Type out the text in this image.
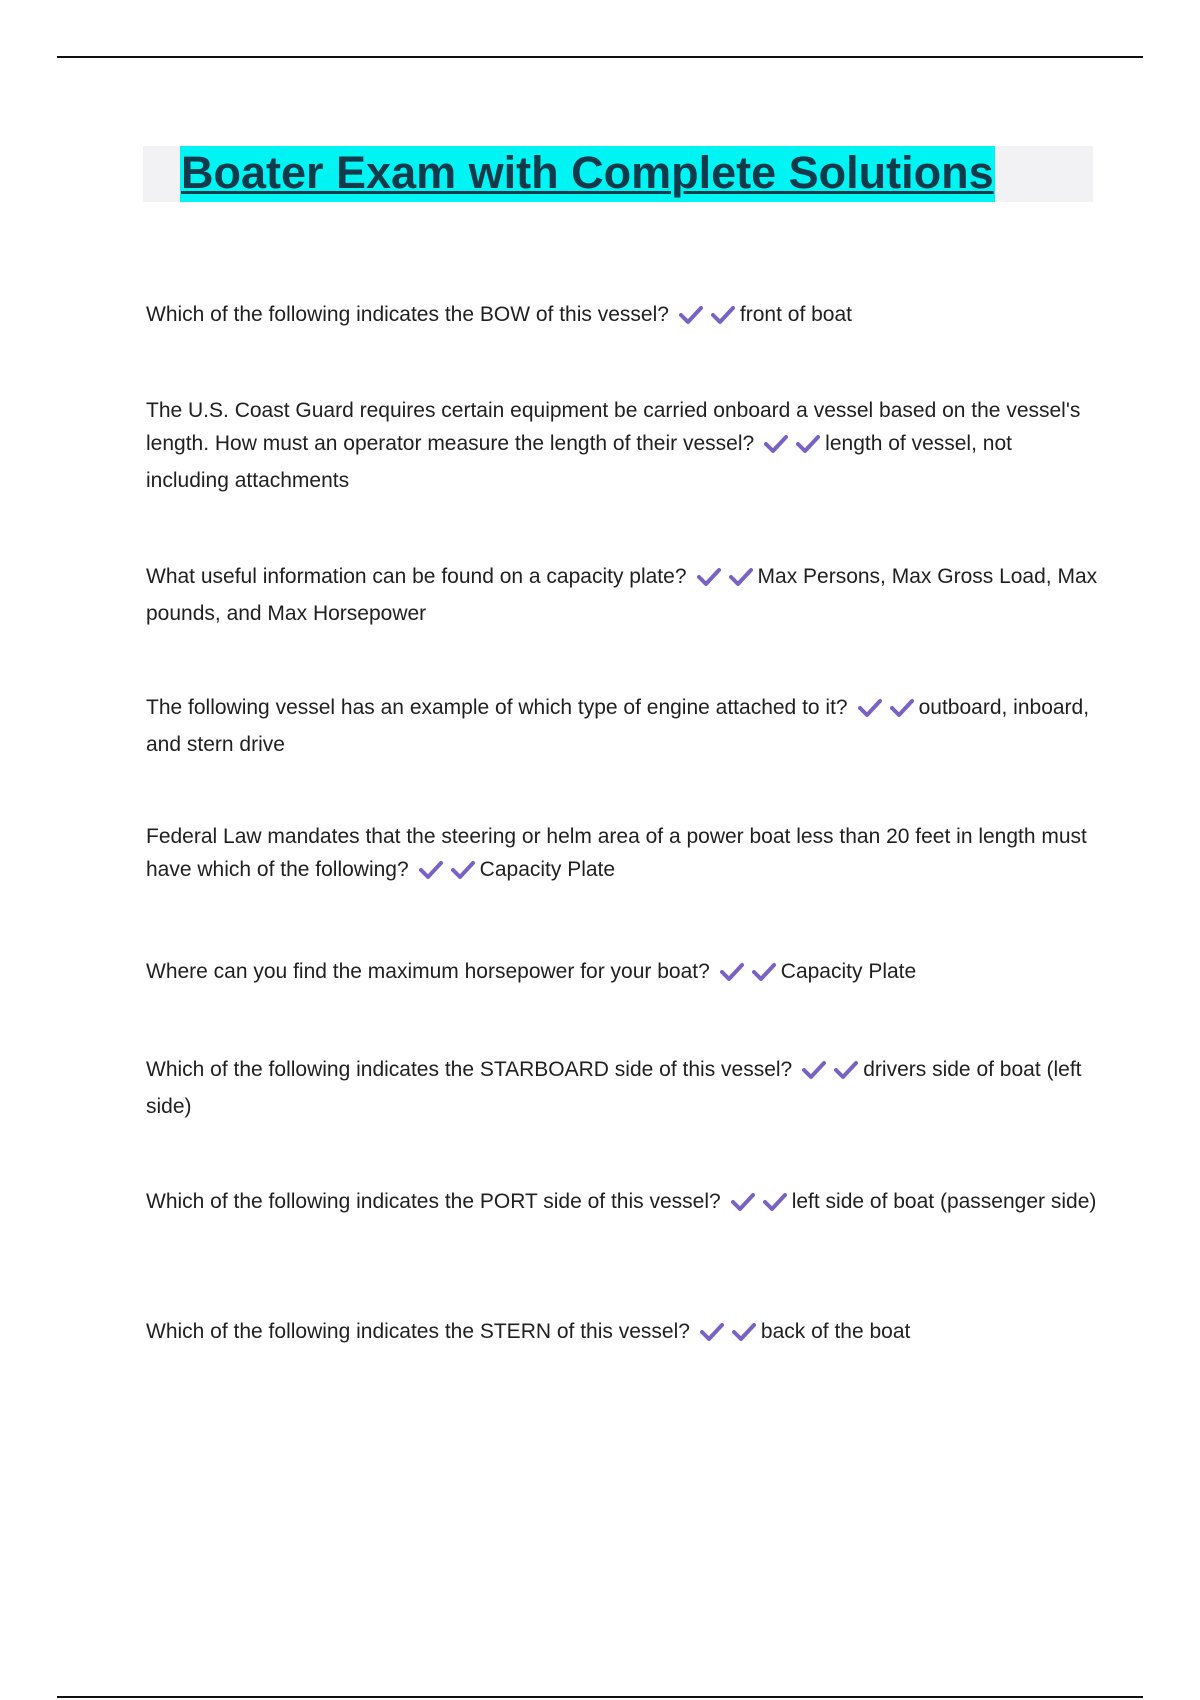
Boater Exam with Complete Solutions

Which of the following indicates the BOW of this vessel?	front of boat

The U.S. Coast Guard requires certain equipment be carried onboard a vessel based on the vessel's length. How must an operator measure the length of their vessel?	length of vessel, not including attachments

What useful information can be found on a capacity plate?	Max Persons, Max Gross Load, Max pounds, and Max Horsepower

The following vessel has an example of which type of engine attached to it?	outboard, inboard, and stern drive

Federal Law mandates that the steering or helm area of a power boat less than 20 feet in length must have which of the following?	Capacity Plate

Where can you find the maximum horsepower for your boat?	Capacity Plate

Which of the following indicates the STARBOARD side of this vessel?	drivers side of boat (left side)

Which of the following indicates the PORT side of this vessel?	left side of boat (passenger side)

Which of the following indicates the STERN of this vessel?	back of the boat
